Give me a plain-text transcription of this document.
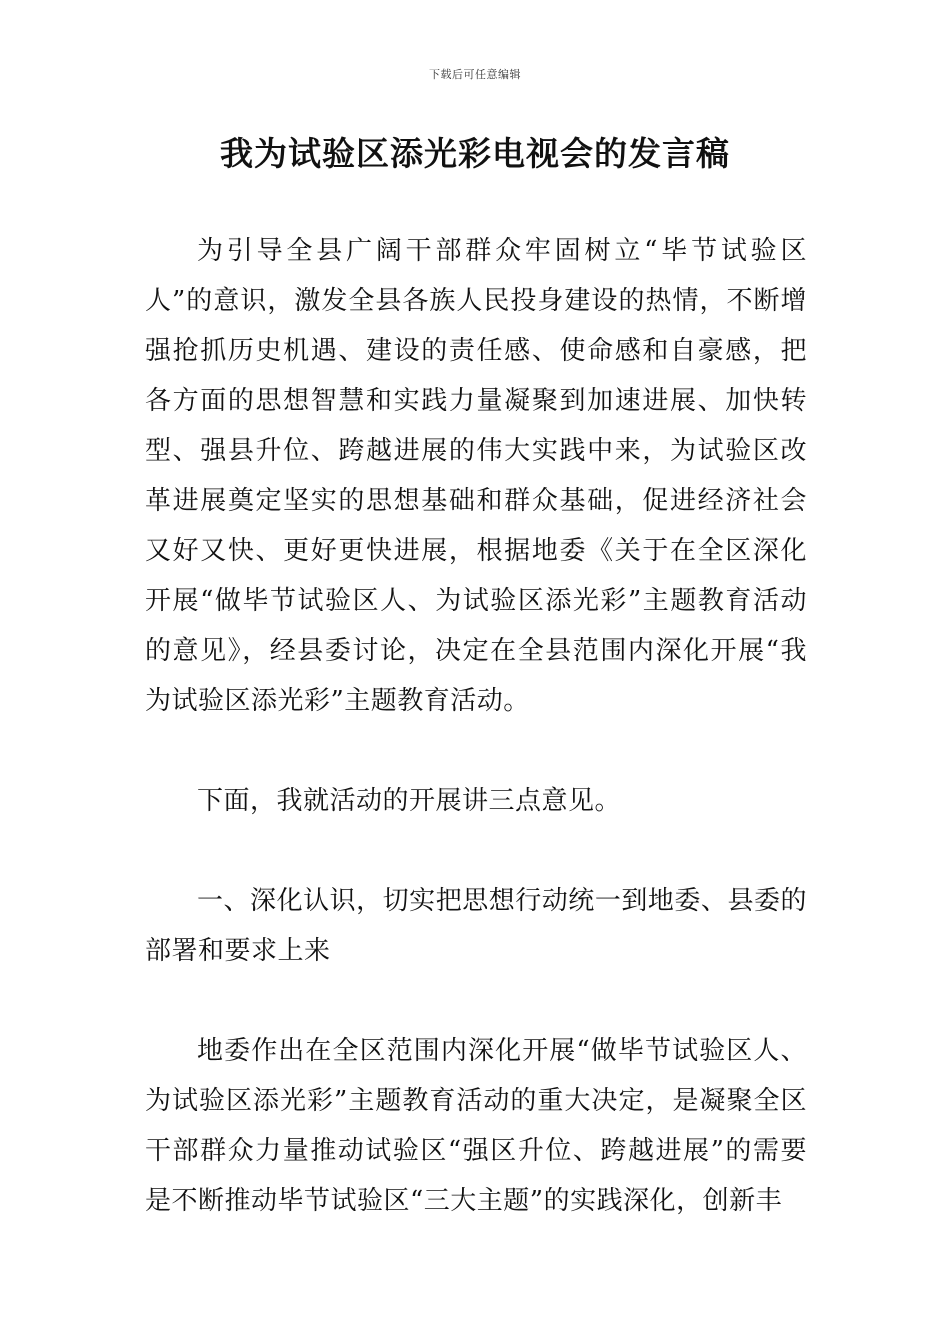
下载后可任意编辑
我为试验区添光彩电视会的发言稿

为引导全县广阔干部群众牢固树立“毕节试验区人”的意识，激发全县各族人民投身建设的热情，不断增强抢抓历史机遇、建设的责任感、使命感和自豪感，把各方面的思想智慧和实践力量凝聚到加速进展、加快转型、强县升位、跨越进展的伟大实践中来，为试验区改革进展奠定坚实的思想基础和群众基础，促进经济社会又好又快、更好更快进展，根据地委《关于在全区深化开展“做毕节试验区人、为试验区添光彩”主题教育活动的意见》，经县委讨论，决定在全县范围内深化开展“我为试验区添光彩”主题教育活动。

下面，我就活动的开展讲三点意见。

一、深化认识，切实把思想行动统一到地委、县委的部署和要求上来

地委作出在全区范围内深化开展“做毕节试验区人、为试验区添光彩”主题教育活动的重大决定，是凝聚全区干部群众力量推动试验区“强区升位、跨越进展”的需要是不断推动毕节试验区“三大主题”的实践深化，创新丰
